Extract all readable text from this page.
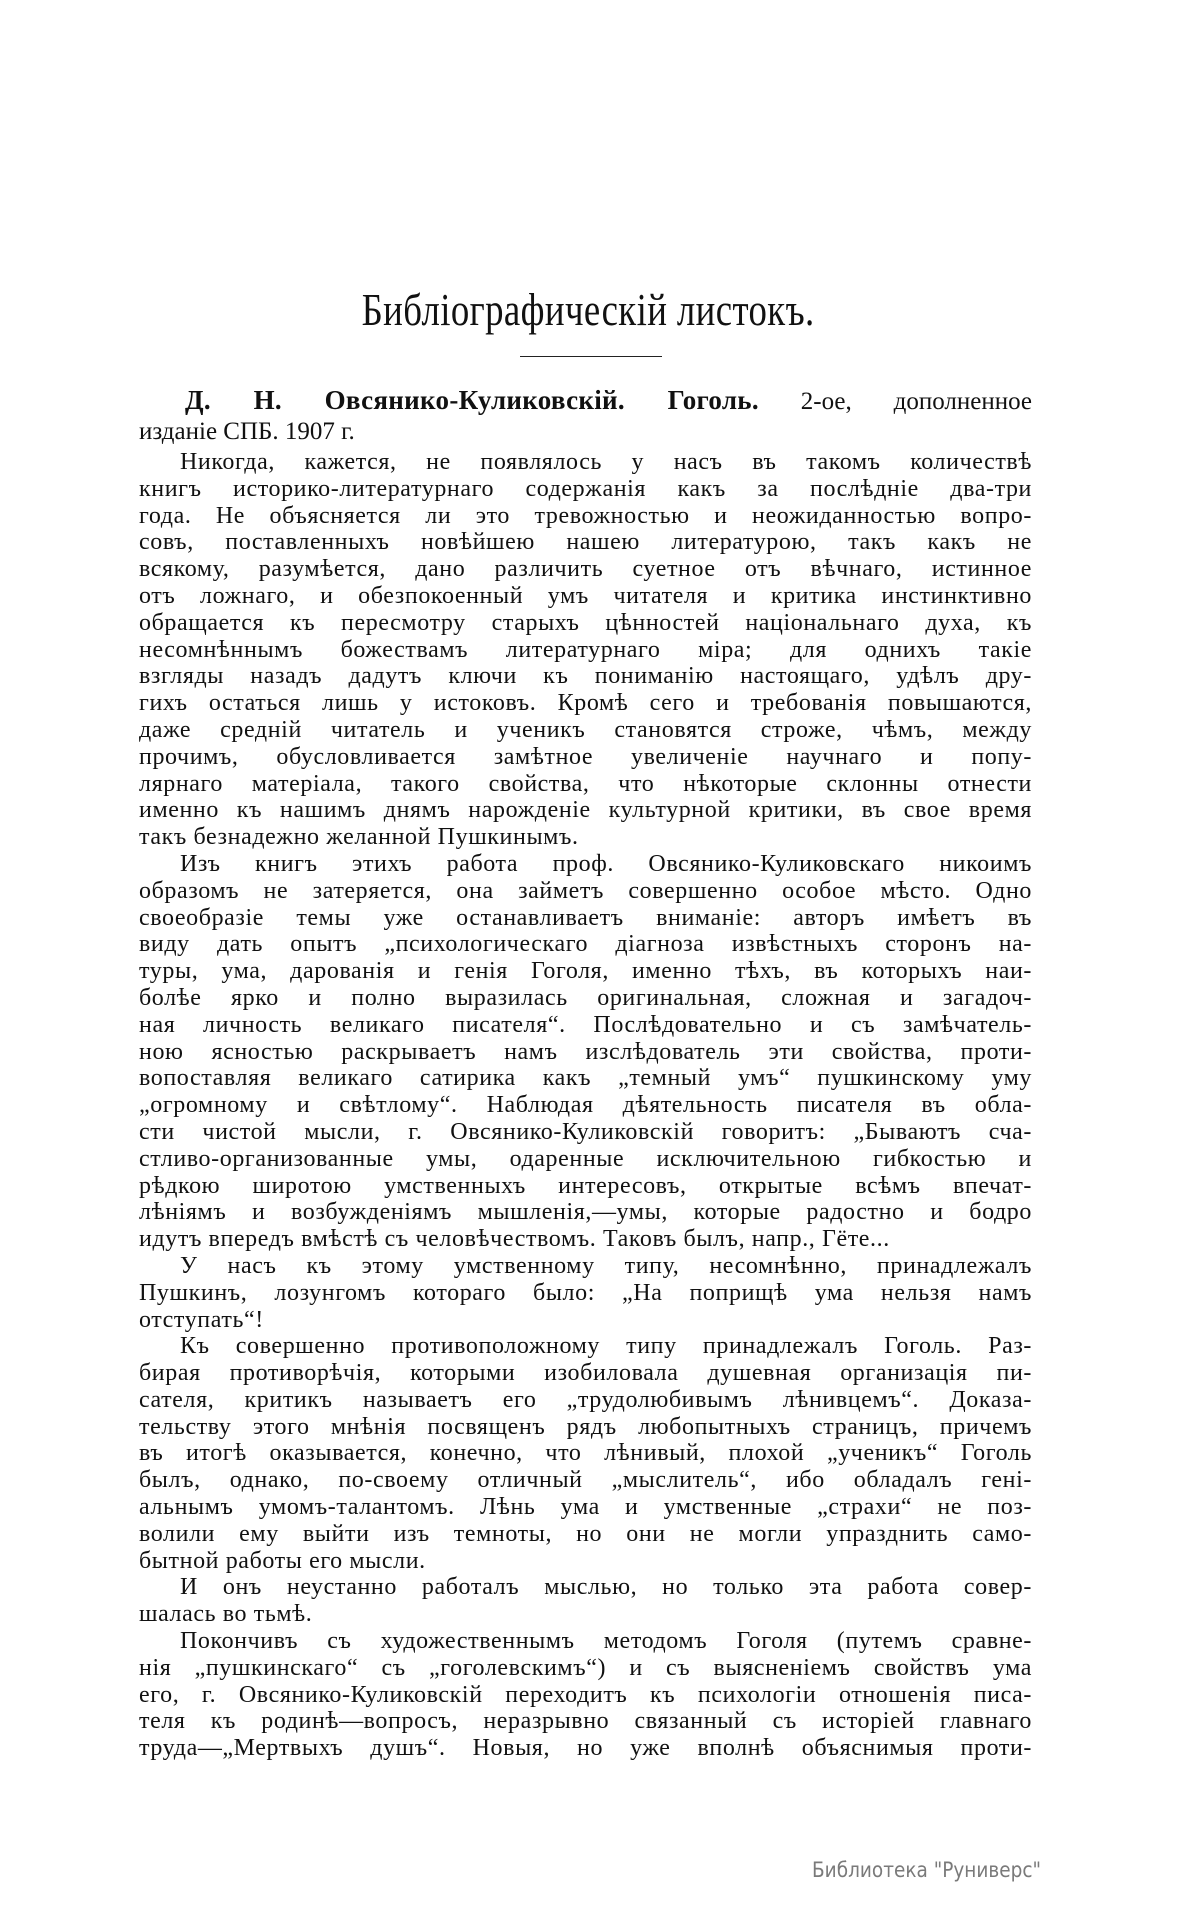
Библіографическій листокъ.
Д. Н. Овсянико-Куликовскій. Гоголь. 2-ое, дополненное
изданіе СПБ. 1907 г.
Никогда, кажется, не появлялось у насъ въ такомъ количествѣ
книгъ историко-литературнаго содержанія какъ за послѣдніе два-три
года. Не объясняется ли это тревожностью и неожиданностью вопро-
совъ, поставленныхъ новѣйшею нашею литературою, такъ какъ не
всякому, разумѣется, дано различить суетное отъ вѣчнаго, истинное
отъ ложнаго, и обезпокоенный умъ читателя и критика инстинктивно
обращается къ пересмотру старыхъ цѣнностей національнаго духа, къ
несомнѣннымъ божествамъ литературнаго міра; для однихъ такіе
взгляды назадъ дадутъ ключи къ пониманію настоящаго, удѣлъ дру-
гихъ остаться лишь у истоковъ. Кромѣ сего и требованія повышаются,
даже средній читатель и ученикъ становятся строже, чѣмъ, между
прочимъ, обусловливается замѣтное увеличеніе научнаго и попу-
лярнаго матеріала, такого свойства, что нѣкоторые склонны отнести
именно къ нашимъ днямъ нарожденіе культурной критики, въ свое время
такъ безнадежно желанной Пушкинымъ.
Изъ книгъ этихъ работа проф. Овсянико-Куликовскаго никоимъ
образомъ не затеряется, она займетъ совершенно особое мѣсто. Одно
своеобразіе темы уже останавливаетъ вниманіе: авторъ имѣетъ въ
виду дать опытъ „психологическаго діагноза извѣстныхъ сторонъ на-
туры, ума, дарованія и генія Гоголя, именно тѣхъ, въ которыхъ наи-
болѣе ярко и полно выразилась оригинальная, сложная и загадоч-
ная личность великаго писателя“. Послѣдовательно и съ замѣчатель-
ною ясностью раскрываетъ намъ изслѣдователь эти свойства, проти-
вопоставляя великаго сатирика какъ „темный умъ“ пушкинскому уму
„огромному и свѣтлому“. Наблюдая дѣятельность писателя въ обла-
сти чистой мысли, г. Овсянико-Куликовскій говоритъ: „Бываютъ сча-
стливо-организованные умы, одаренные исключительною гибкостью и
рѣдкою широтою умственныхъ интересовъ, открытые всѣмъ впечат-
лѣніямъ и возбужденіямъ мышленія,—умы, которые радостно и бодро
идутъ впередъ вмѣстѣ съ человѣчествомъ. Таковъ былъ, напр., Гёте...
У насъ къ этому умственному типу, несомнѣнно, принадлежалъ
Пушкинъ, лозунгомъ котораго было: „На поприщѣ ума нельзя намъ
отступать“!
Къ совершенно противоположному типу принадлежалъ Гоголь. Раз-
бирая противорѣчія, которыми изобиловала душевная организація пи-
сателя, критикъ называетъ его „трудолюбивымъ лѣнивцемъ“. Доказа-
тельству этого мнѣнія посвященъ рядъ любопытныхъ страницъ, причемъ
въ итогѣ оказывается, конечно, что лѣнивый, плохой „ученикъ“ Гоголь
былъ, однако, по-своему отличный „мыслитель“, ибо обладалъ гені-
альнымъ умомъ-талантомъ. Лѣнь ума и умственные „страхи“ не поз-
волили ему выйти изъ темноты, но они не могли упразднить само-
бытной работы его мысли.
И онъ неустанно работалъ мыслью, но только эта работа совер-
шалась во тьмѣ.
Покончивъ съ художественнымъ методомъ Гоголя (путемъ сравне-
нія „пушкинскаго“ съ „гоголевскимъ“) и съ выясненіемъ свойствъ ума
его, г. Овсянико-Куликовскій переходитъ къ психологіи отношенія писа-
теля къ родинѣ—вопросъ, неразрывно связанный съ исторіей главнаго
труда—„Мертвыхъ душъ“. Новыя, но уже вполнѣ объяснимыя проти-
Библиотека "Руниверс"
